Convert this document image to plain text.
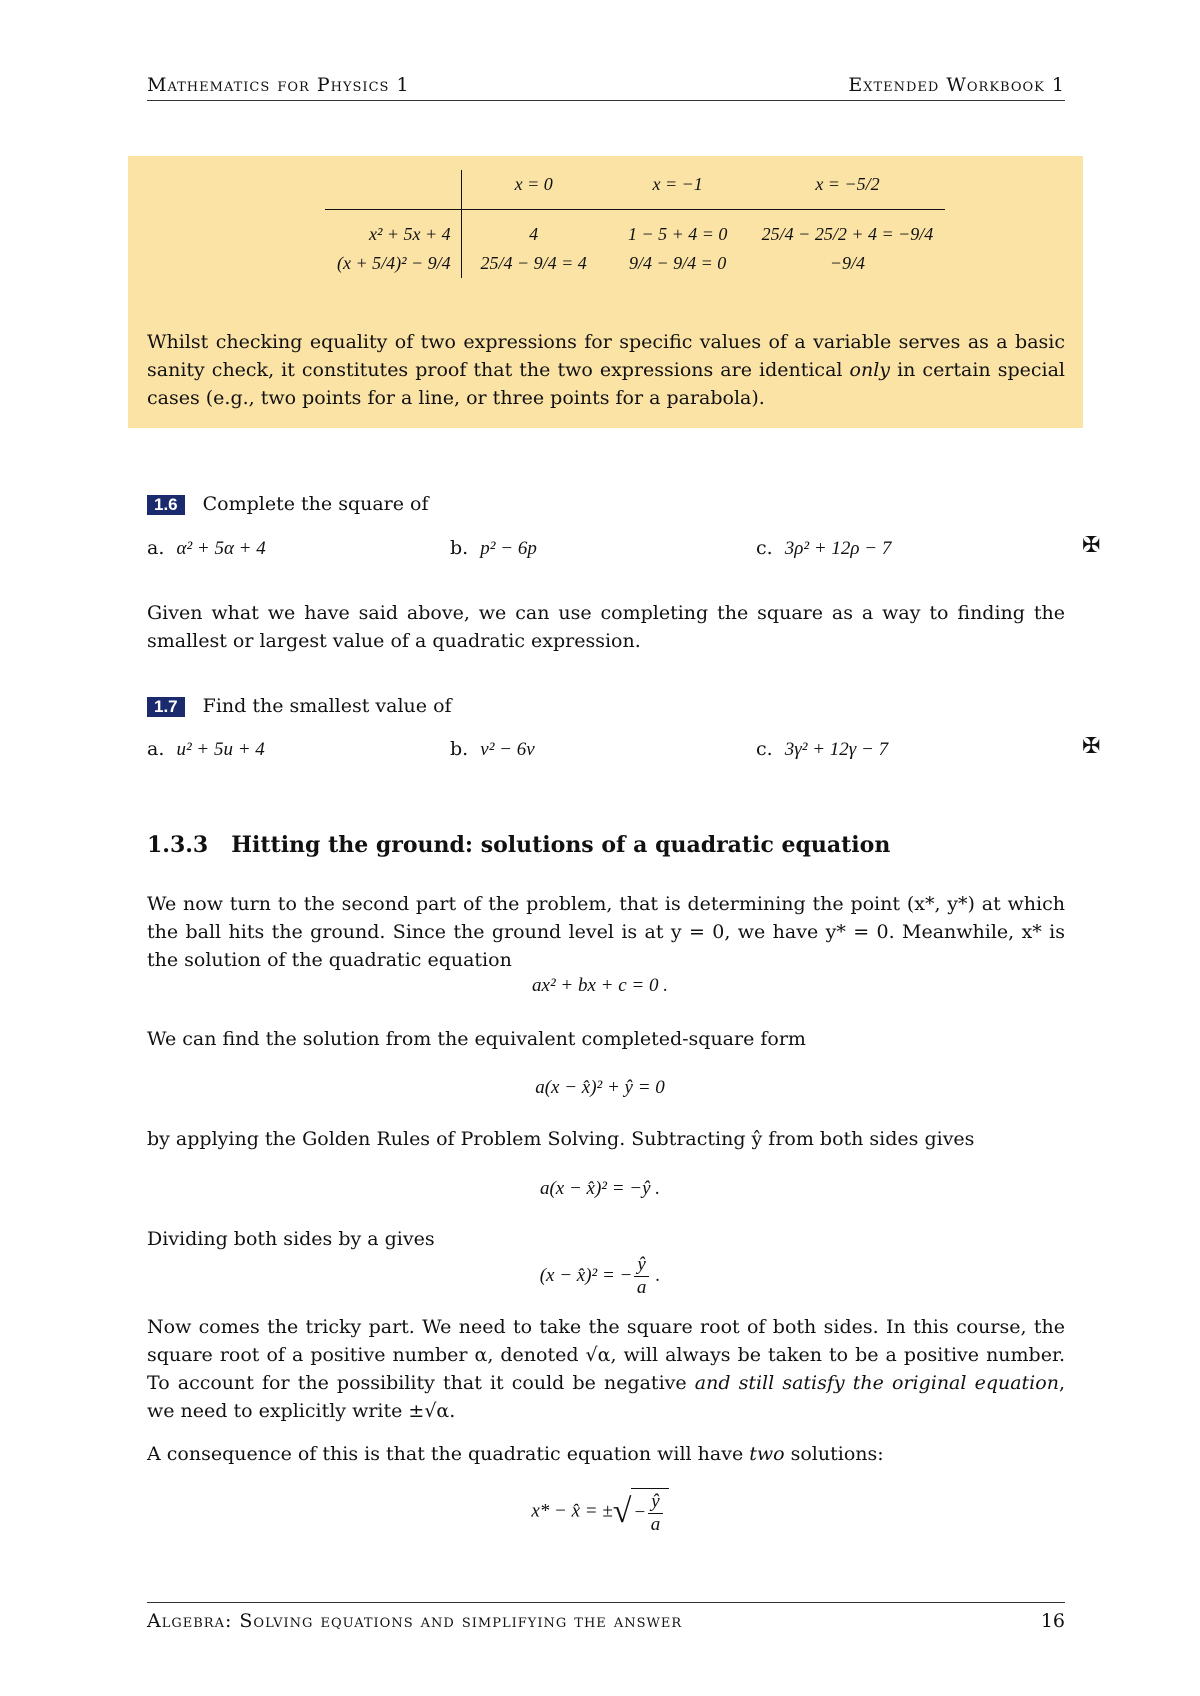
Mathematics for Physics 1	Extended Workbook 1
	x = 0	x = −1	x = −5/2
x² + 5x + 4	4	1 − 5 + 4 = 0	25/4 − 25/2 + 4 = −9/4
(x + 5/4)² − 9/4	25/4 − 9/4 = 4	9/4 − 9/4 = 0	−9/4
Whilst checking equality of two expressions for specific values of a variable serves as a basic sanity check, it constitutes proof that the two expressions are identical only in certain special cases (e.g., two points for a line, or three points for a parabola).
1.6 Complete the square of
a. α² + 5α + 4	b. p² − 6p	c. 3ρ² + 12ρ − 7	✠
Given what we have said above, we can use completing the square as a way to finding the smallest or largest value of a quadratic expression.
1.7 Find the smallest value of
a. u² + 5u + 4	b. v² − 6v	c. 3γ² + 12γ − 7	✠
1.3.3 Hitting the ground: solutions of a quadratic equation
We now turn to the second part of the problem, that is determining the point (x*, y*) at which the ball hits the ground. Since the ground level is at y = 0, we have y* = 0. Meanwhile, x* is the solution of the quadratic equation
ax² + bx + c = 0 .
We can find the solution from the equivalent completed-square form
a(x − x̂)² + ŷ = 0
by applying the Golden Rules of Problem Solving. Subtracting ŷ from both sides gives
a(x − x̂)² = −ŷ .
Dividing both sides by a gives
(x − x̂)² = − $\frac{ŷ}{a}$ .
Now comes the tricky part. We need to take the square root of both sides. In this course, the square root of a positive number α, denoted √α, will always be taken to be a positive number. To account for the possibility that it could be negative and still satisfy the original equation, we need to explicitly write ±√α.
A consequence of this is that the quadratic equation will have two solutions:
x* − x̂ = ±√ − $\frac{ŷ}{a}$
Algebra: Solving equations and simplifying the answer	16
